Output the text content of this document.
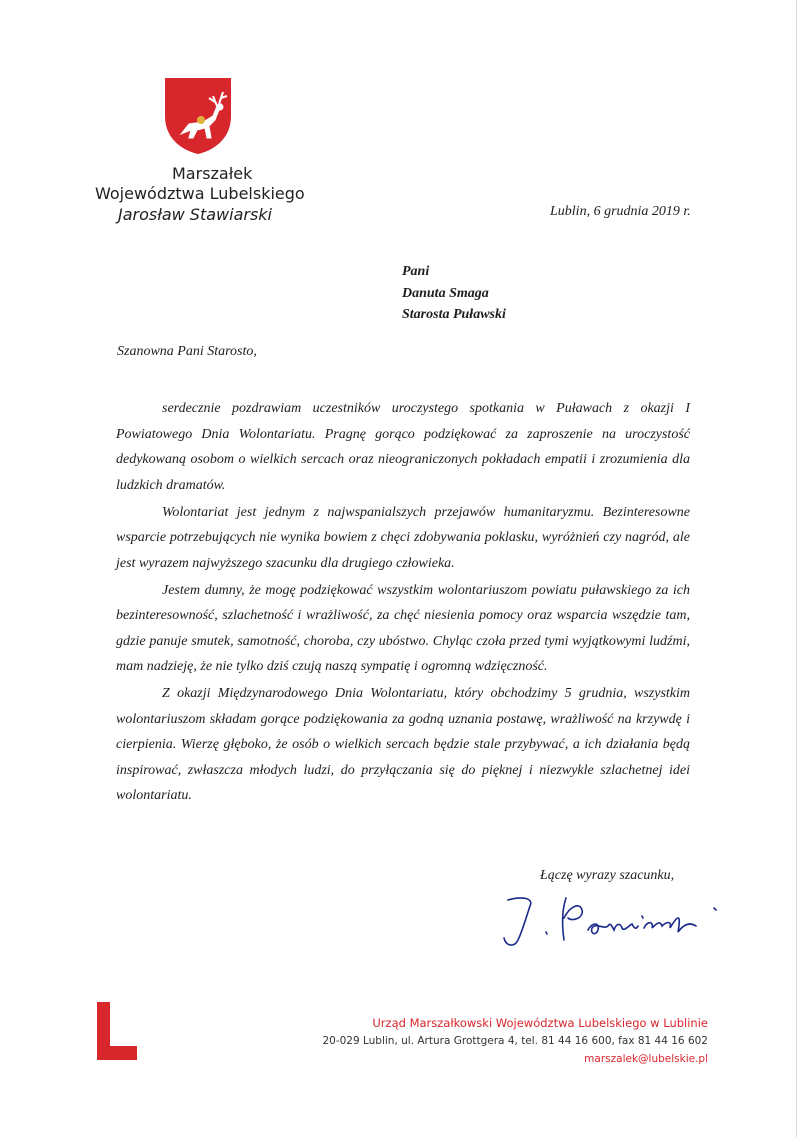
Marszałek
Województwa Lubelskiego
Jarosław Stawiarski	Lublin, 6 grudnia 2019 r.
Pani
Danuta Smaga
Starosta Puławski
Szanowna Pani Starosto,

serdecznie pozdrawiam uczestników uroczystego spotkania w Puławach z okazji I Powiatowego Dnia Wolontariatu. Pragnę gorąco podziękować za zaproszenie na uroczystość dedykowaną osobom o wielkich sercach oraz nieograniczonych pokładach empatii i zrozumienia dla ludzkich dramatów.

Wolontariat jest jednym z najwspanialszych przejawów humanitaryzmu. Bezinteresowne wsparcie potrzebujących nie wynika bowiem z chęci zdobywania poklasku, wyróżnień czy nagród, ale jest wyrazem najwyższego szacunku dla drugiego człowieka.

Jestem dumny, że mogę podziękować wszystkim wolontariuszom powiatu puławskiego za ich bezinteresowność, szlachetność i wrażliwość, za chęć niesienia pomocy oraz wsparcia wszędzie tam, gdzie panuje smutek, samotność, choroba, czy ubóstwo. Chyląc czoła przed tymi wyjątkowymi ludźmi, mam nadzieję, że nie tylko dziś czują naszą sympatię i ogromną wdzięczność.

Z okazji Międzynarodowego Dnia Wolontariatu, który obchodzimy 5 grudnia, wszystkim wolontariuszom składam gorące podziękowania za godną uznania postawę, wrażliwość na krzywdę i cierpienia. Wierzę głęboko, że osób o wielkich sercach będzie stale przybywać, a ich działania będą inspirować, zwłaszcza młodych ludzi, do przyłączania się do pięknej i niezwykle szlachetnej idei wolontariatu.

Łączę wyrazy szacunku,
Urząd Marszałkowski Województwa Lubelskiego w Lublinie
20-029 Lublin, ul. Artura Grottgera 4, tel. 81 44 16 600, fax 81 44 16 602
marszalek@lubelskie.pl
